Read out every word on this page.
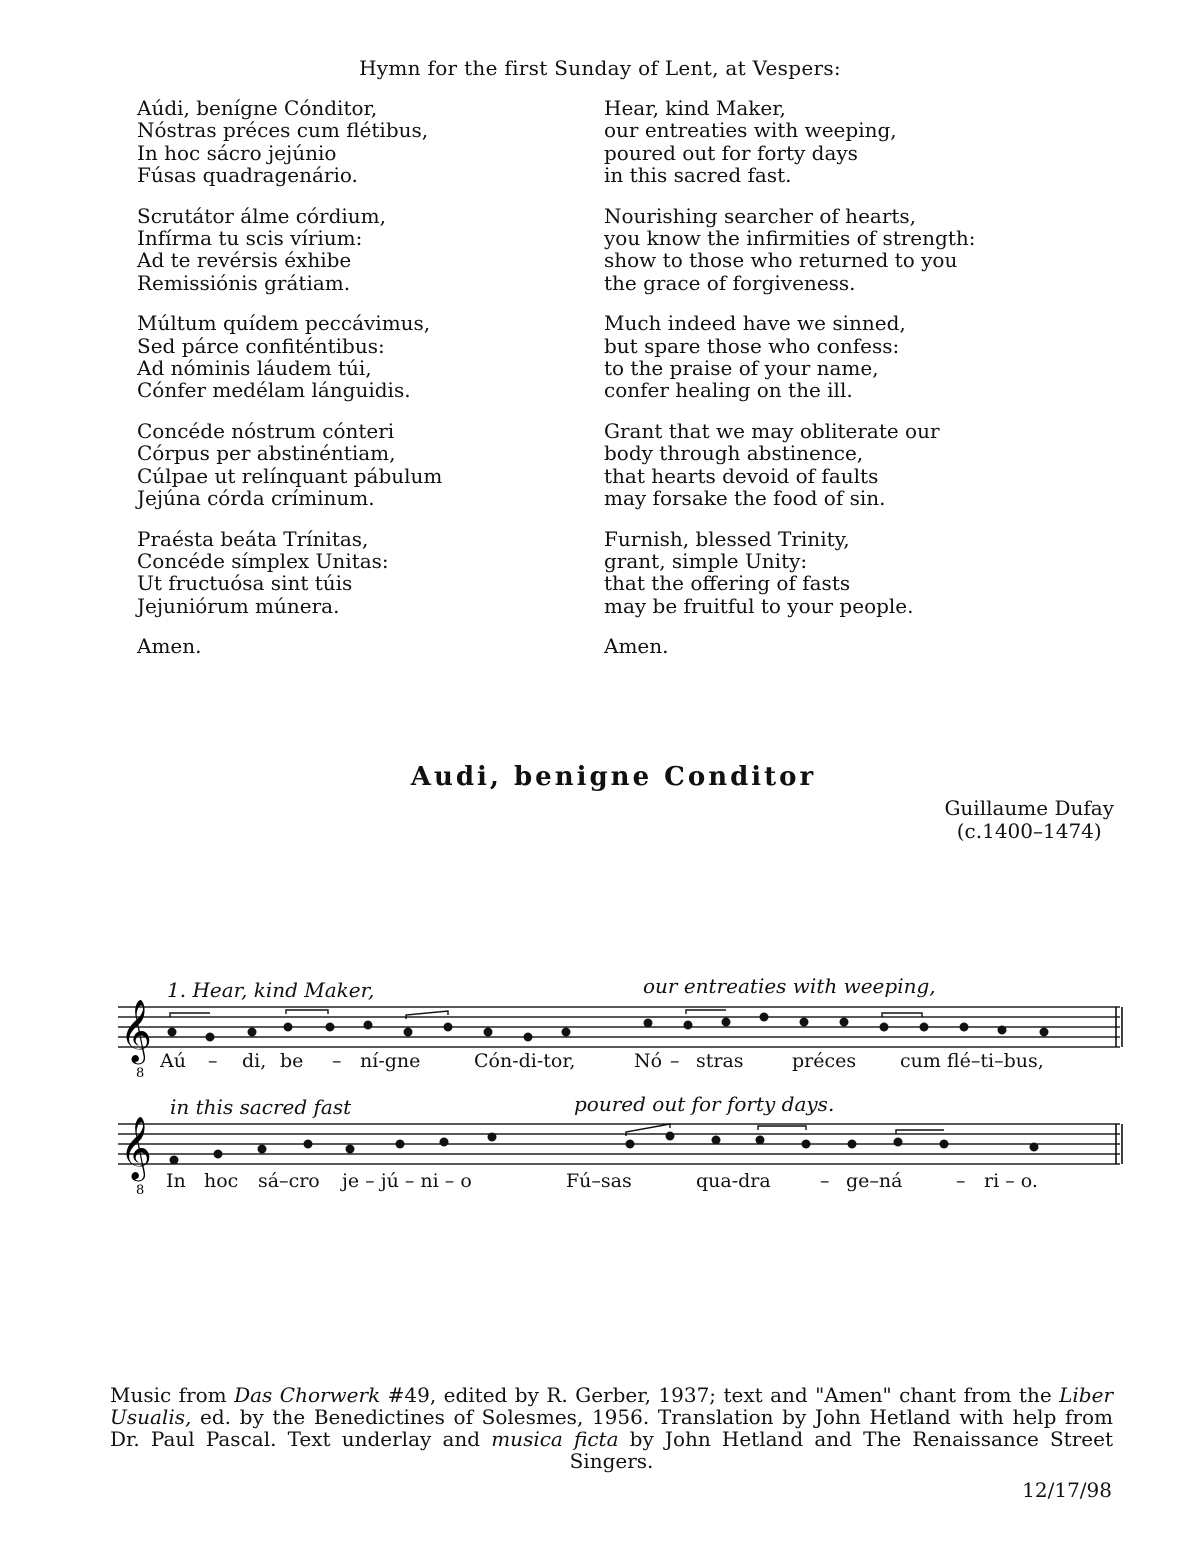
Hymn for the first Sunday of Lent, at Vespers:
Aúdi, benígne Cónditor,
Nóstras préces cum flétibus,
In hoc sácro jejúnio
Fúsas quadragenário.
Scrutátor álme córdium,
Infírma tu scis vírium:
Ad te revérsis éxhibe
Remissiónis grátiam.
Múltum quídem peccávimus,
Sed párce confiténtibus:
Ad nóminis láudem túi,
Cónfer medélam lánguidis.
Concéde nóstrum cónteri
Córpus per abstinéntiam,
Cúlpae ut relínquant pábulum
Jejúna córda críminum.
Praésta beáta Trínitas,
Concéde símplex Unitas:
Ut fructuósa sint túis
Jejuniórum múnera.
Amen.
Hear, kind Maker,
our entreaties with weeping,
poured out for forty days
in this sacred fast.
Nourishing searcher of hearts,
you know the infirmities of strength:
show to those who returned to you
the grace of forgiveness.
Much indeed have we sinned,
but spare those who confess:
to the praise of your name,
confer healing on the ill.
Grant that we may obliterate our
body through abstinence,
that hearts devoid of faults
may forsake the food of sin.
Furnish, blessed Trinity,
grant, simple Unity:
that the offering of fasts
may be fruitful to your people.
Amen.
Audi, benigne Conditor
Guillaume Dufay
(c.1400–1474)
1. Hear, kind Maker,	our entreaties with weeping,
𝄞
8
Aú – di, be – ní-gne	Cón-di-tor,	Nó – stras	préces cum flé–ti–bus,
in this sacred fast	poured out for forty days.
𝄞
8 In hoc sá–cro je – jú – ni – o	Fú–sas	qua-dra	– ge–ná	– ri – o.

Music from Das Chorwerk #49, edited by R. Gerber, 1937; text and "Amen" chant from the Liber Usualis, ed. by the Benedictines of Solesmes, 1956. Translation by John Hetland with help from Dr. Paul Pascal. Text underlay and musica ficta by John Hetland and The Renaissance Street Singers.

12/17/98
